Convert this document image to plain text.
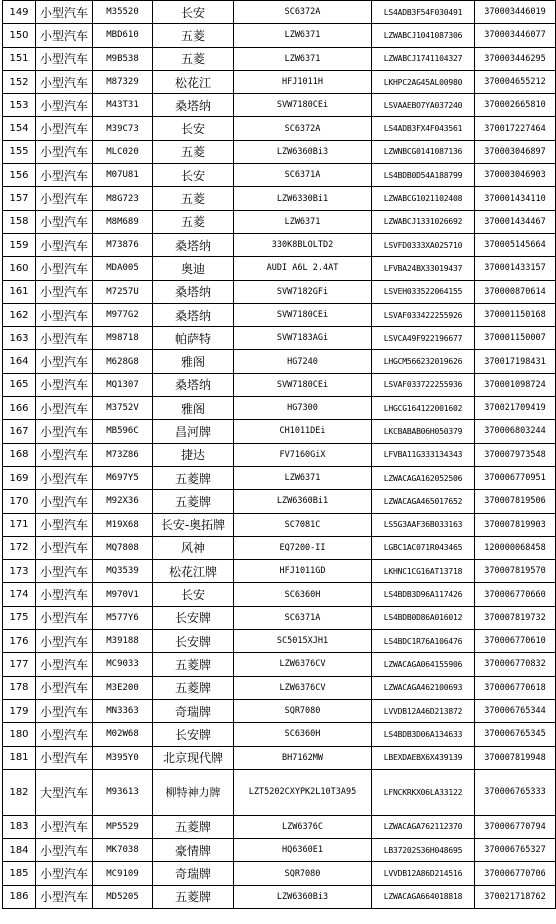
149	小型汽车	M35520	长安	SC6372A	LS4ADB3F54F030491	370003446019
150	小型汽车	MBD610	五菱	LZW6371	LZWABCJ1041087306	370003446077
151	小型汽车	M9B538	五菱	LZW6371	LZWABCJ1741104327	370003446295
152	小型汽车	M87329	松花江	HFJ1011H	LKHPC2AG45AL00980	370004655212
153	小型汽车	M43T31	桑塔纳	SVW7180CEi	LSVAAEBO7YA037240	370002665810
154	小型汽车	M39C73	长安	SC6372A	LS4ADB3FX4F043561	370017227464
155	小型汽车	MLC020	五菱	LZW6360Bi3	LZWNBCG0141087136	370003046897
156	小型汽车	M07U81	长安	SC6371A	LS4BDB0D54A188799	370003046903
157	小型汽车	M8G723	五菱	LZW6330Bi1	LZWABCG1021102408	370001434110
158	小型汽车	M8M689	五菱	LZW6371	LZWABCJ1331026692	370001434467
159	小型汽车	M73876	桑塔纳	330K8BLOLTD2	LSVFD0333XA025710	370005145664
160	小型汽车	MDA005	奥迪	AUDI A6L 2.4AT	LFVBA24BX33019437	370001433157
161	小型汽车	M7257U	桑塔纳	SVW7182GFi	LSVEH033522064155	370000870614
162	小型汽车	M977G2	桑塔纳	SVW7180CEi	LSVAF033422255926	370001150168
163	小型汽车	M98718	帕萨特	SVW7183AGi	LSVCA49F922196677	370001150007
164	小型汽车	M628G8	雅阁	HG7240	LHGCM566232019626	370017198431
165	小型汽车	MQ1307	桑塔纳	SVW7180CEi	LSVAF033722255936	370001098724
166	小型汽车	M3752V	雅阁	HG7300	LHGCG164122001602	370021709419
167	小型汽车	MB596C	昌河牌	CH1011DEi	LKCBABAB06H050379	370006803244
168	小型汽车	M73Z86	捷达	FV7160GiX	LFVBA11G333134343	370007973548
169	小型汽车	M697Y5	五菱牌	LZW6371	LZWACAGA162052506	370006770951
170	小型汽车	M92X36	五菱牌	LZW6360Bi1	LZWACAGA465017652	370007819506
171	小型汽车	M19X68	长安-奥拓牌	SC7081C	LS5G3AAF36B033163	370007819903
172	小型汽车	MQ7808	风神	EQ7200-II	LGBC1AC071R043465	120000068458
173	小型汽车	MQ3539	松花江牌	HFJ1011GD	LKHNC1CG16AT13718	370007819570
174	小型汽车	M970V1	长安	SC6360H	LS4BDB3D96A117426	370006770660
175	小型汽车	M577Y6	长安牌	SC6371A	LS4BDB0D86A016012	370007819732
176	小型汽车	M39188	长安牌	SC5015XJH1	LS4BDC1R76A106476	370006770610
177	小型汽车	MC9033	五菱牌	LZW6376CV	LZWACAGA064155906	370006770832
178	小型汽车	M3E200	五菱牌	LZW6376CV	LZWACAGA462100693	370006770618
179	小型汽车	MN3363	奇瑞牌	SQR7080	LVVDB12A46D213872	370006765344
180	小型汽车	M02W68	长安牌	SC6360H	LS4BDB3D06A134633	370006765345
181	小型汽车	M395Y0	北京现代牌	BH7162MW	LBEXDAEBX6X439139	370007819948
182	大型汽车	M93613	柳特神力牌	LZT5202CXYPK2L10T3A95	LFNCKRKX06LA33122	370006765333
183	小型汽车	MP5529	五菱牌	LZW6376C	LZWACAGA762112370	370006770794
184	小型汽车	MK7038	豪情牌	HQ6360E1	LB37202S36H048695	370006765327
185	小型汽车	MC9109	奇瑞牌	SQR7080	LVVDB12A86D214516	370006770706
186	小型汽车	MD5205	五菱牌	LZW6360Bi3	LZWACAGA664018818	370021718762
